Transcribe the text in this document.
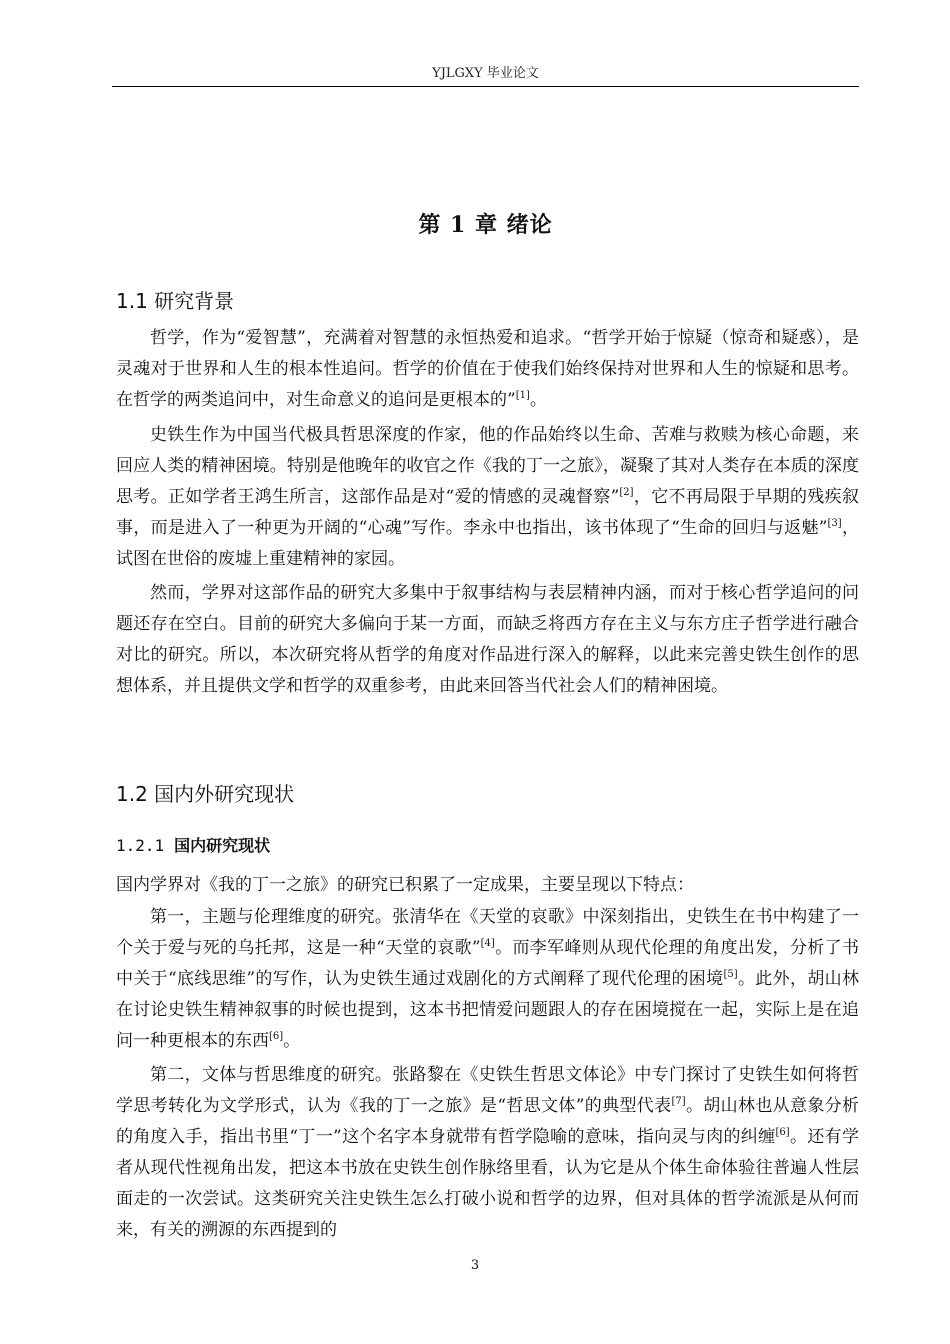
YJLGXY 毕业论文
第 1 章 绪论
1.1 研究背景

哲学，作为“爱智慧”，充满着对智慧的永恒热爱和追求。“哲学开始于惊疑（惊奇和疑惑），是灵魂对于世界和人生的根本性追问。哲学的价值在于使我们始终保持对世界和人生的惊疑和思考。在哲学的两类追问中，对生命意义的追问是更根本的”[1]。

史铁生作为中国当代极具哲思深度的作家，他的作品始终以生命、苦难与救赎为核心命题，来回应人类的精神困境。特别是他晚年的收官之作《我的丁一之旅》，凝聚了其对人类存在本质的深度思考。正如学者王鸿生所言，这部作品是对“爱的情感的灵魂督察”[2]，它不再局限于早期的残疾叙事，而是进入了一种更为开阔的“心魂”写作。李永中也指出，该书体现了“生命的回归与返魅”[3]，试图在世俗的废墟上重建精神的家园。

然而，学界对这部作品的研究大多集中于叙事结构与表层精神内涵，而对于核心哲学追问的问题还存在空白。目前的研究大多偏向于某一方面，而缺乏将西方存在主义与东方庄子哲学进行融合对比的研究。所以，本次研究将从哲学的角度对作品进行深入的解释，以此来完善史铁生创作的思想体系，并且提供文学和哲学的双重参考，由此来回答当代社会人们的精神困境。

1.2 国内外研究现状
1.2.1 国内研究现状

国内学界对《我的丁一之旅》的研究已积累了一定成果，主要呈现以下特点：

第一，主题与伦理维度的研究。张清华在《天堂的哀歌》中深刻指出，史铁生在书中构建了一个关于爱与死的乌托邦，这是一种“天堂的哀歌”[4]。而李军峰则从现代伦理的角度出发，分析了书中关于“底线思维”的写作，认为史铁生通过戏剧化的方式阐释了现代伦理的困境[5]。此外，胡山林在讨论史铁生精神叙事的时候也提到，这本书把情爱问题跟人的存在困境搅在一起，实际上是在追问一种更根本的东西[6]。

第二，文体与哲思维度的研究。张路黎在《史铁生哲思文体论》中专门探讨了史铁生如何将哲学思考转化为文学形式，认为《我的丁一之旅》是“哲思文体”的典型代表[7]。胡山林也从意象分析的角度入手，指出书里“丁一”这个名字本身就带有哲学隐喻的意味，指向灵与肉的纠缠[6]。还有学者从现代性视角出发，把这本书放在史铁生创作脉络里看，认为它是从个体生命体验往普遍人性层面走的一次尝试。这类研究关注史铁生怎么打破小说和哲学的边界，但对具体的哲学流派是从何而来，有关的溯源的东西提到的

3
